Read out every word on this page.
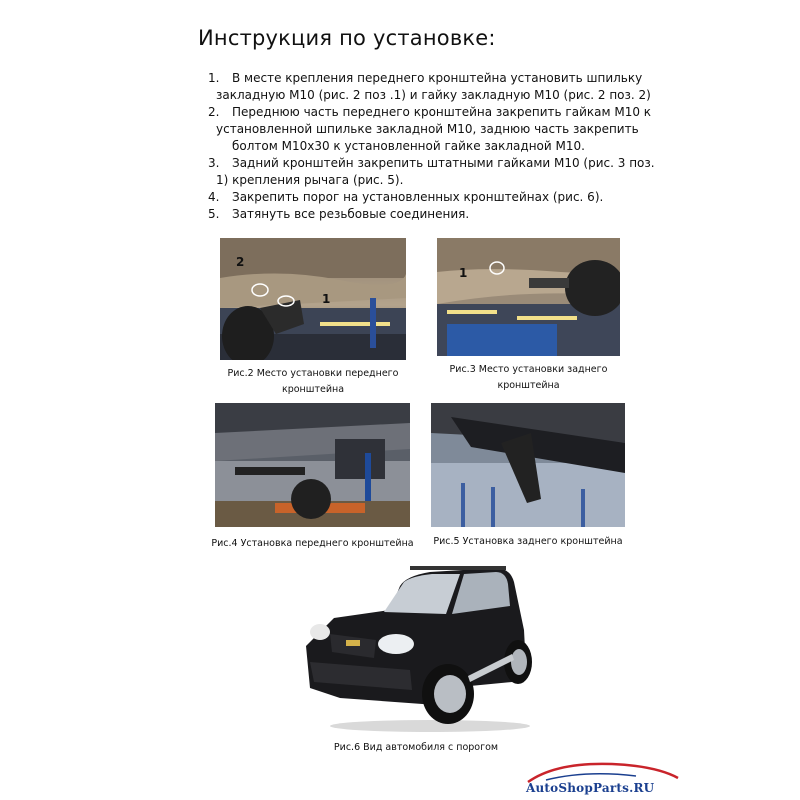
Инструкция по установке:
1. В месте крепления переднего кронштейна установить шпильку
закладную М10 (рис. 2 поз .1) и гайку закладную М10 (рис. 2 поз. 2)
2. Переднюю часть переднего кронштейна закрепить гайкам М10 к
установленной шпильке закладной М10, заднюю часть закрепить
болтом М10х30 к установленной гайке закладной М10.
3. Задний кронштейн закрепить штатными гайками М10 (рис. 3 поз.
1) крепления рычага (рис. 5).
4. Закрепить порог на установленных кронштейнах (рис. 6).
5. Затянуть все резьбовые соединения.
2
1
Рис.2 Место установки переднего
кронштейна
1
Рис.3 Место установки заднего
кронштейна
Рис.4 Установка переднего кронштейна Рис.5 Установка заднего кронштейна
Рис.6 Вид автомобиля с порогом
AutoShopParts.RU
